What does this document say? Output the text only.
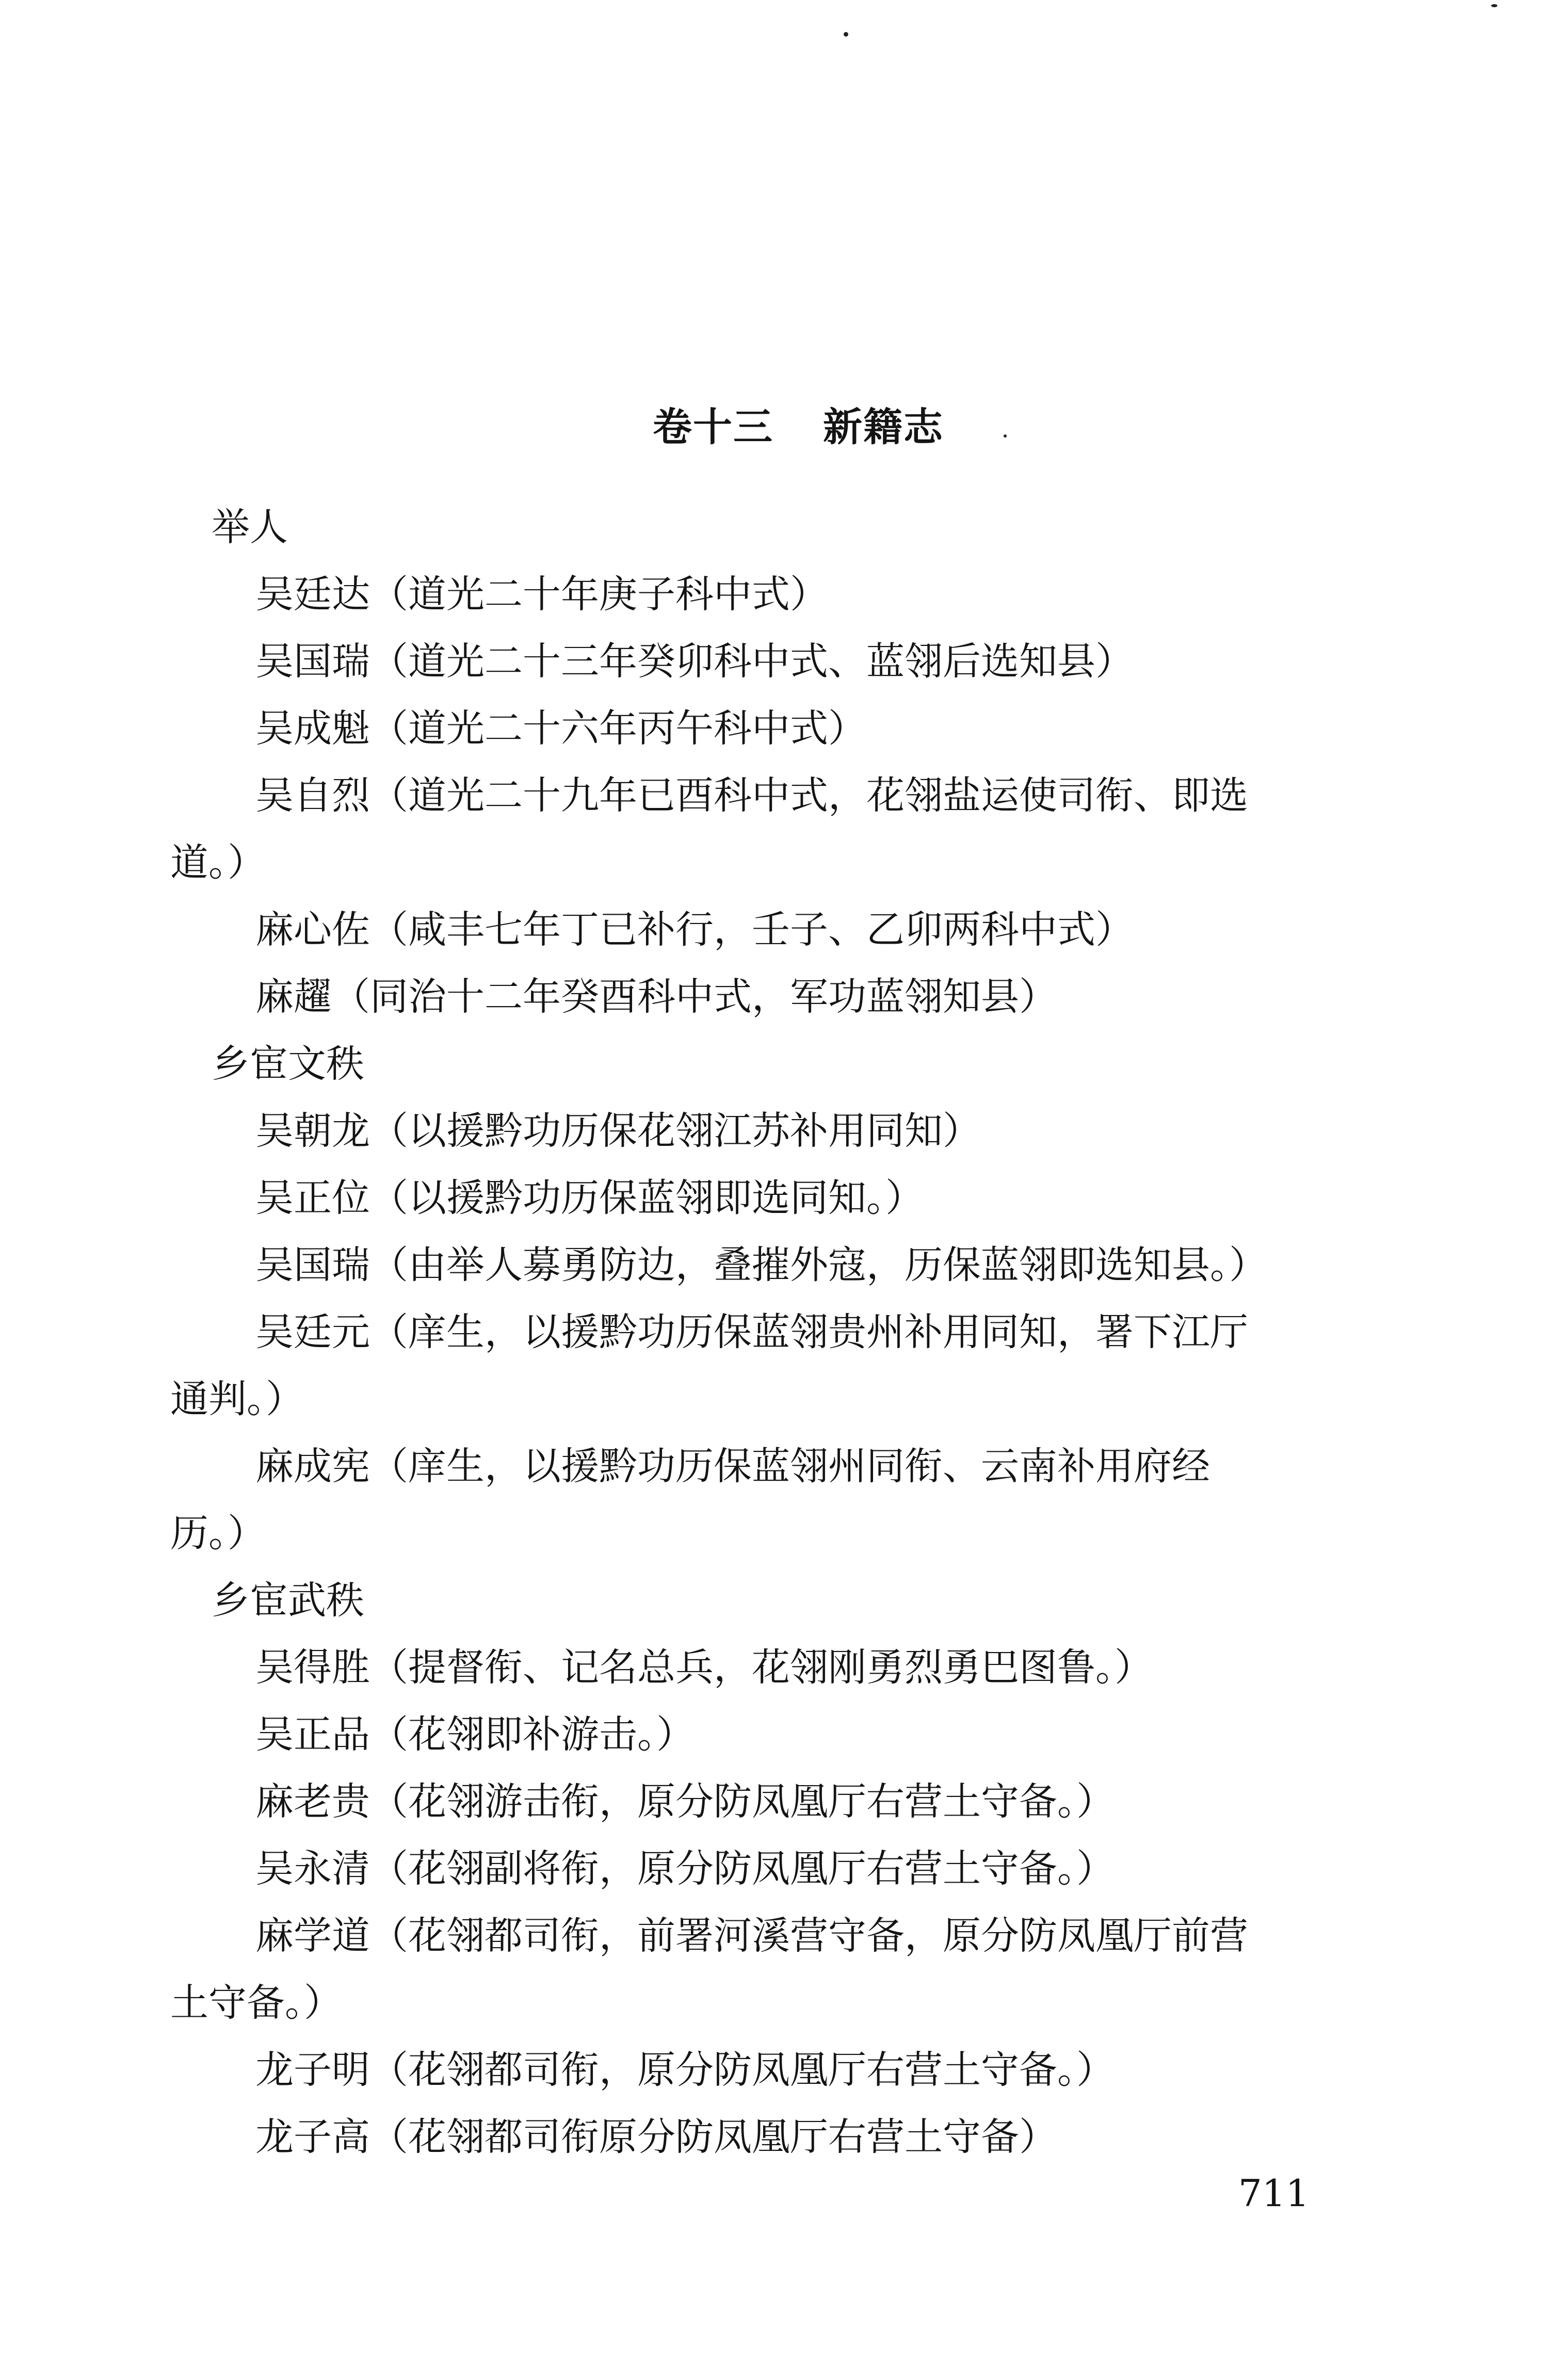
卷十三 新籍志
举人
吴廷达（道光二十年庚子科中式）
吴国瑞（道光二十三年癸卯科中式、蓝翎后选知县）
吴成魁（道光二十六年丙午科中式）
吴自烈（道光二十九年已酉科中式，花翎盐运使司衔、即选
道。）
麻心佐（咸丰七年丁已补行，壬子、乙卯两科中式）
麻趯（同治十二年癸酉科中式，军功蓝翎知县）
乡宦文秩
吴朝龙（以援黔功历保花翎江苏补用同知）
吴正位（以援黔功历保蓝翎即选同知。）
吴国瑞（由举人募勇防边，叠摧外寇，历保蓝翎即选知县。）
吴廷元（庠生，以援黔功历保蓝翎贵州补用同知，署下江厅
通判。）
麻成宪（庠生，以援黔功历保蓝翎州同衔、云南补用府经
历。）
乡宦武秩
吴得胜（提督衔、记名总兵，花翎刚勇烈勇巴图鲁。）
吴正品（花翎即补游击。）
麻老贵（花翎游击衔，原分防凤凰厅右营土守备。）
吴永清（花翎副将衔，原分防凤凰厅右营土守备。）
麻学道（花翎都司衔，前署河溪营守备，原分防凤凰厅前营
土守备。）
龙子明（花翎都司衔，原分防凤凰厅右营土守备。）
龙子高（花翎都司衔原分防凤凰厅右营土守备）
711
